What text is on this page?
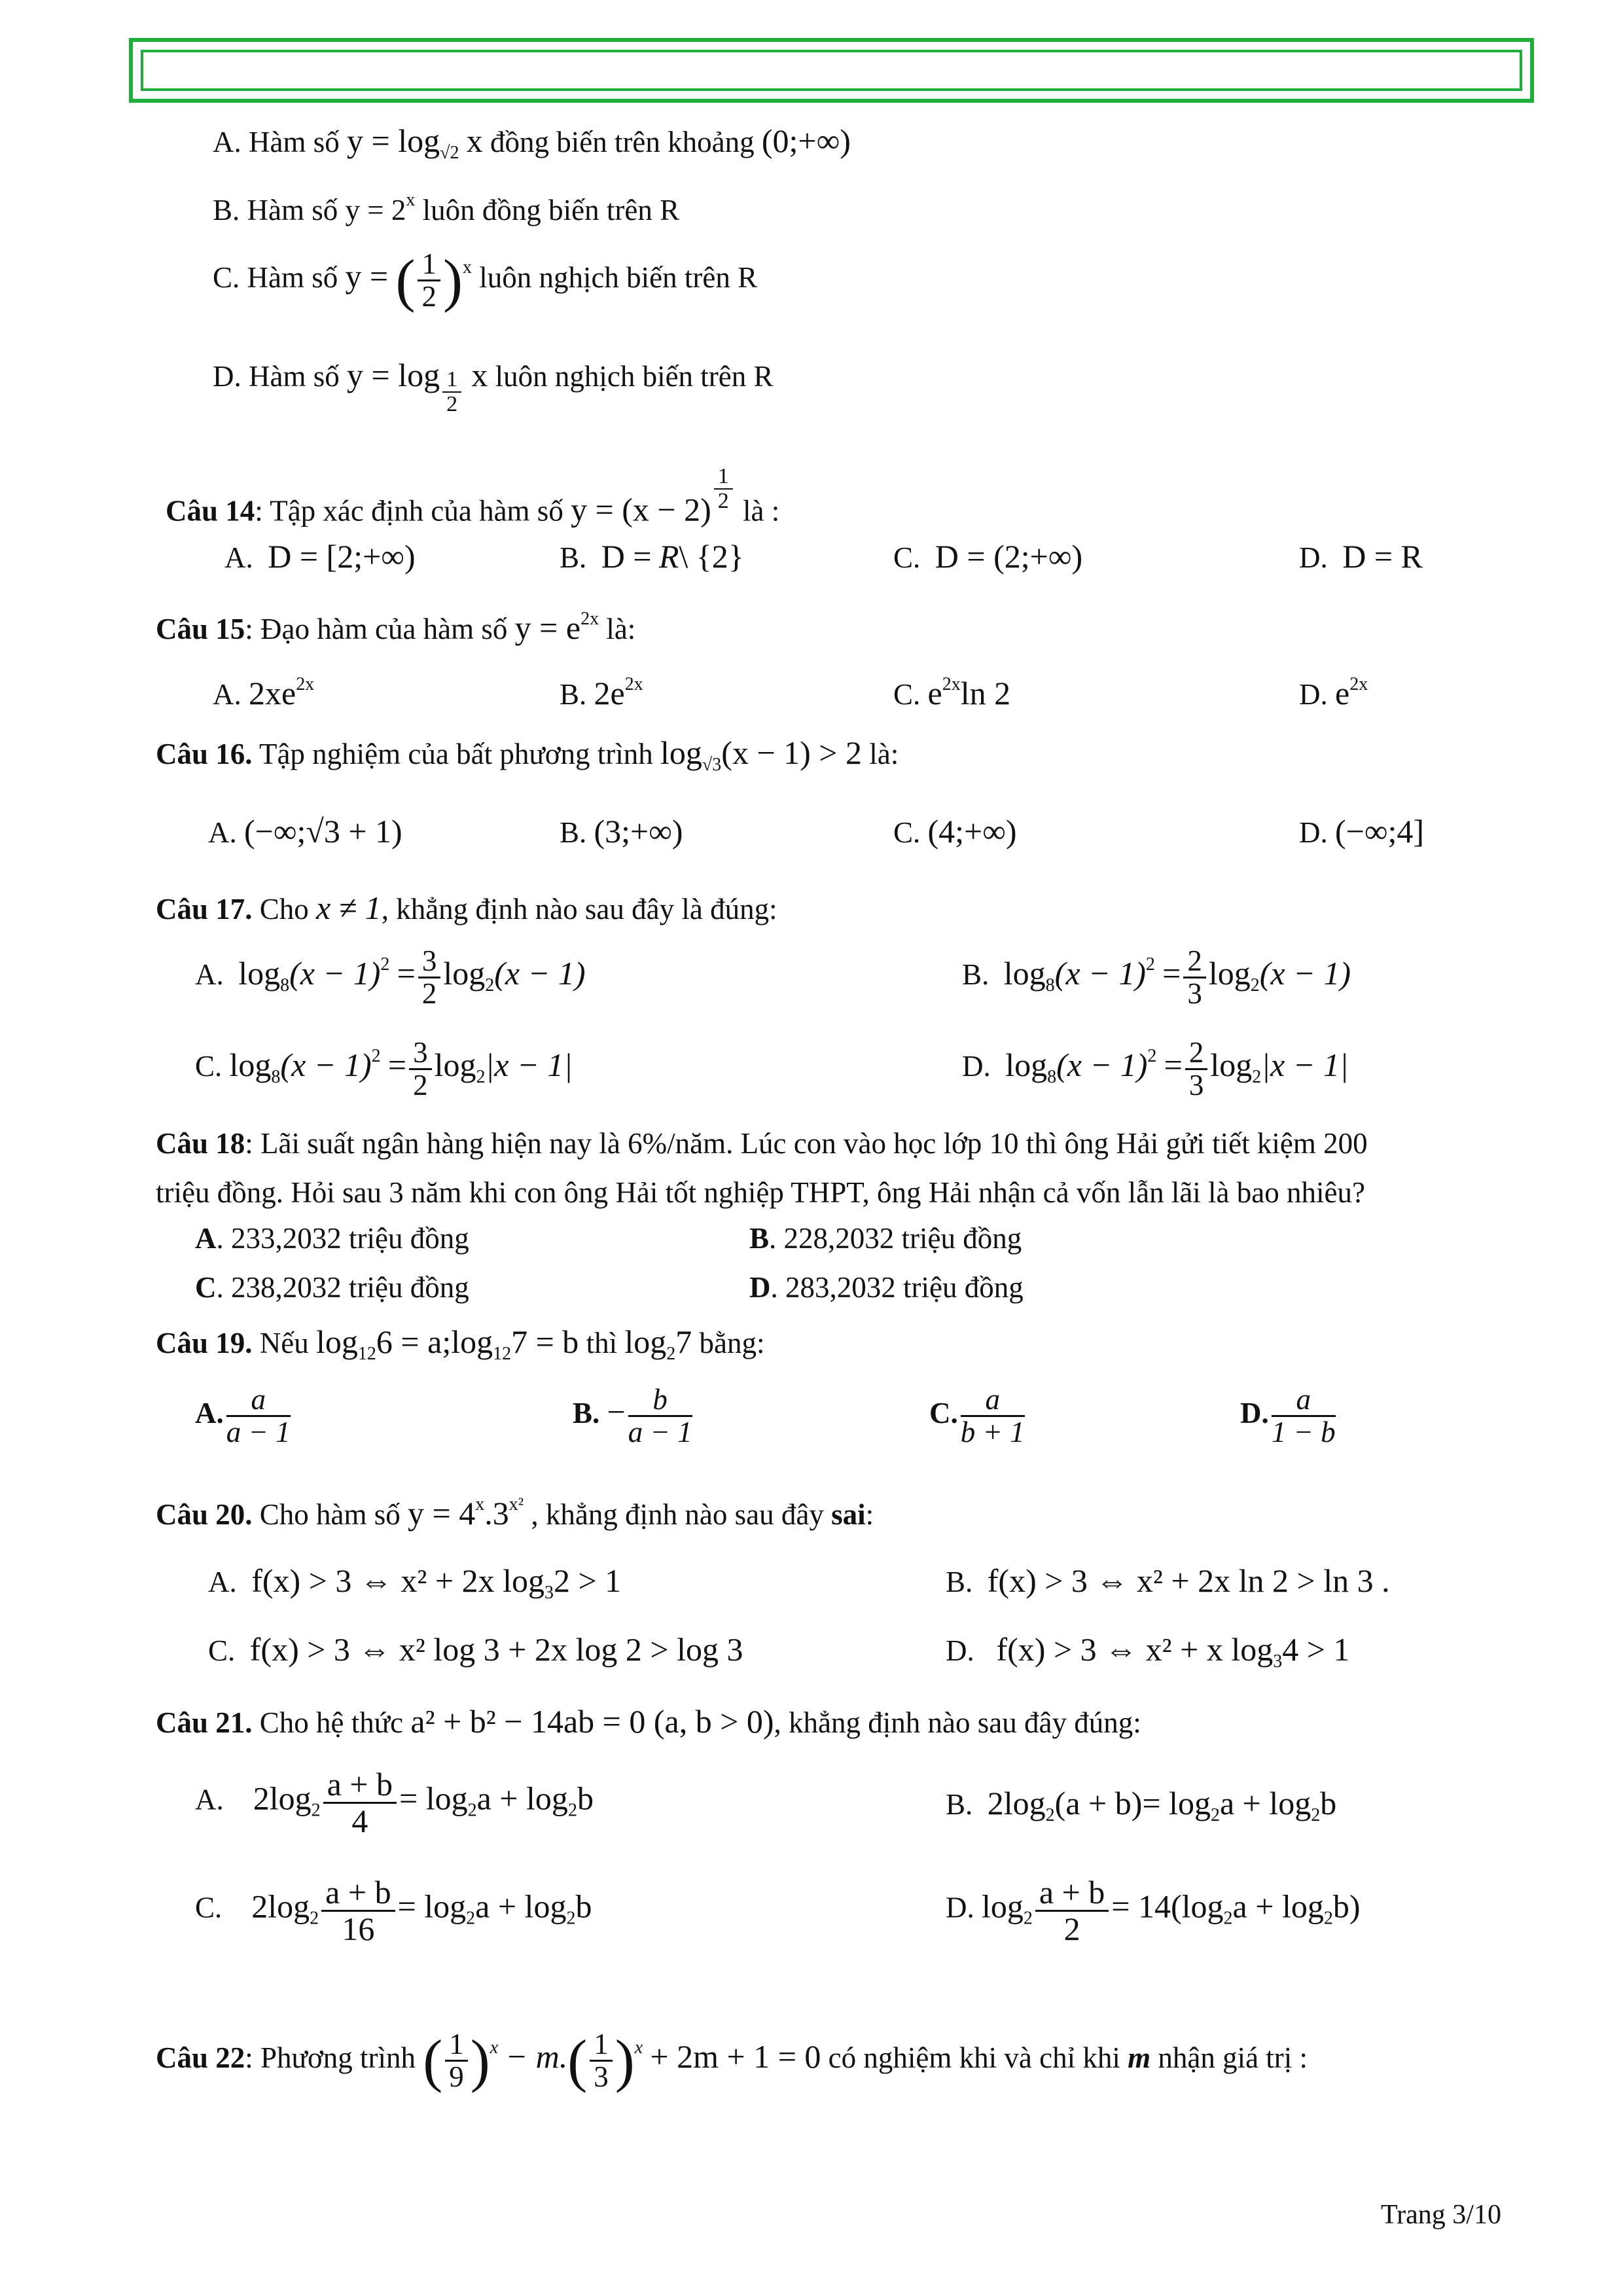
A. Hàm số $y = \log_{√2} x$ đồng biến trên khoảng (0;+∞)
B. Hàm số $y = 2^x$ luôn đồng biến trên R
C. Hàm số y = ( $\frac{1}{2} )^x$ luôn nghịch biến trên R
D. Hàm số $y = \log \frac{1}{2}$ x luôn nghịch biến trên R
Câu 14: Tập xác định của hàm số $y = (x - 2) \frac{1}{2}$ là :
A. D = [2;+∞)	B. D = R\ {2}	C. D = (2;+∞)	D. D = R
Câu 15: Đạo hàm của hàm số $y = e^{2x}$ là:
A. $2xe^{2x}$	B. $2e^{2x}$	C. $e^{2x}\ln$ 2	D. $e^{2x}$
Câu 16. Tập nghiệm của bất phương trình $\log_{√3}(x - 1) > 2$ là:
A. (−∞;√3 + 1)	B. (3;+∞)	C. (4;+∞)	D. (−∞;4]
Câu 17. Cho x ≠ 1, khẳng định nào sau đây là đúng:
A. $\log_8(x - 1)^2 = \frac{3}{2} \log_2(x - 1)$	B. $\log_8(x - 1)^2 = \frac{2}{3} \log_2(x - 1)$
C. $\log_8(x - 1)^2 = \frac{3}{2} \log_2|x - 1|$	D. $\log_8(x - 1)^2 = \frac{2}{3} \log_2|x - 1|$
Câu 18: Lãi suất ngân hàng hiện nay là 6%/năm. Lúc con vào học lớp 10 thì ông Hải gửi tiết kiệm 200
triệu đồng. Hỏi sau 3 năm khi con ông Hải tốt nghiệp THPT, ông Hải nhận cả vốn lẫn lãi là bao nhiêu?
A. 233,2032 triệu đồng	B. 228,2032 triệu đồng
C. 238,2032 triệu đồng	D. 283,2032 triệu đồng
Câu 19. Nếu $\log_{12}6$ = $a;\log_{12}7 = b$ thì $\log_27$ bằng:
A. $\frac{a}{a - 1}$	B. − $\frac{b}{a - 1}$	C. $\frac{a}{b + 1}$	D. $\frac{a}{1 - b}$
Câu 20. Cho hàm số $y = 4^x.3^{x^2}$ , khẳng định nào sau đây sai:
A. f(x) > 3 ⇔ x² + 2x $\log_32 > 1$	B. f(x) > 3 ⇔ x² + 2x ln 2 > ln 3 .
C. f(x) > 3 ⇔ x² log 3 + 2x log 2 > log 3	D. f(x) > 3 ⇔ x² + x $\log_34 > 1$
Câu 21. Cho hệ thức a² + b² − 14ab = 0 (a, b > 0), khẳng định nào sau đây đúng:
A. $2\log_2 \frac{a + b}{4} = \log_2a + \log_2b$	B. $2\log_2(a + b)= \log_2a + \log_2b$
C. $2\log_2 \frac{a + b}{16} = \log_2a + \log_2b$	D. $\log_2 \frac{a + b}{2} = 14(\log_2a + \log_2b)$
Câu 22: Phương trình ( $\frac{1}{9} )^x - m.( \frac{1}{3} )^x + 2m + 1 = 0$ có nghiệm khi và chỉ khi m nhận giá trị :
Trang 3/10
